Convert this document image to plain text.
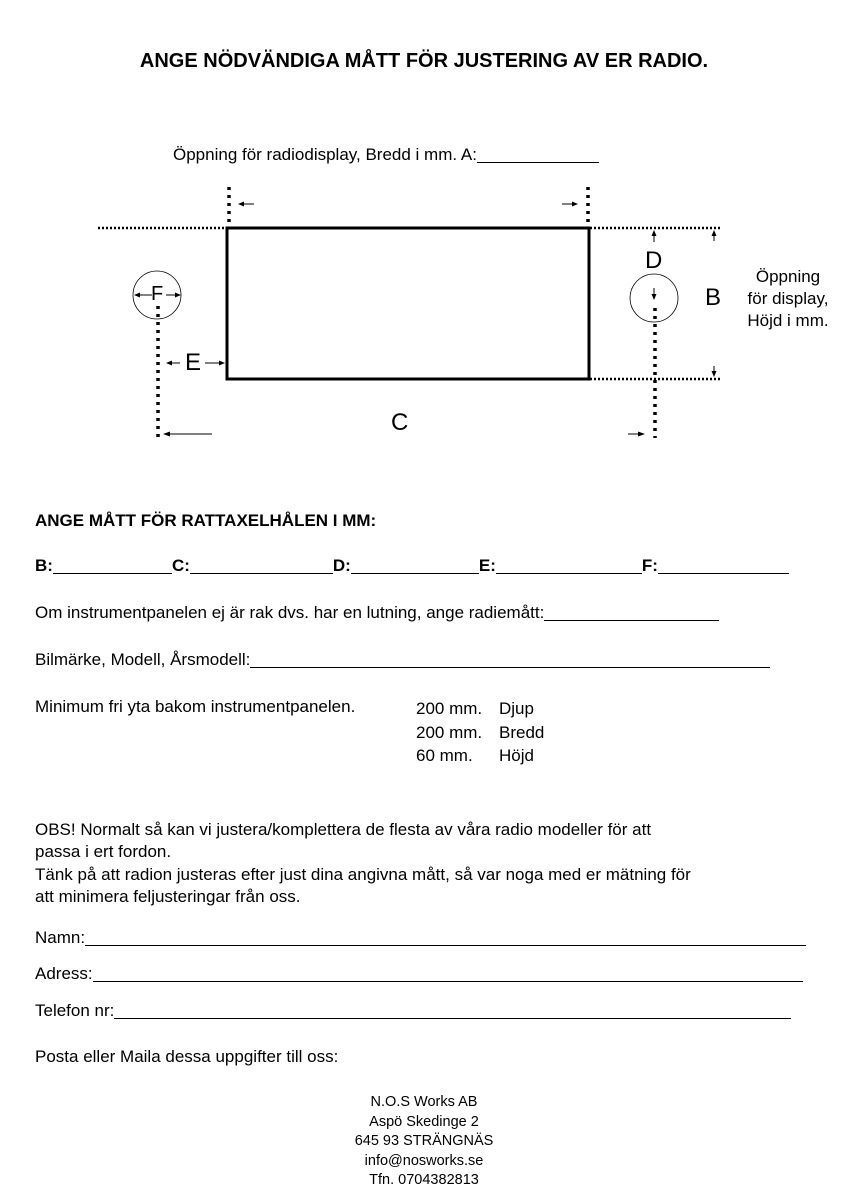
ANGE NÖDVÄNDIGA MÅTT FÖR JUSTERING AV ER RADIO.
Öppning för radiodisplay, Bredd i mm. A:
F
E
C
D
B
Öppning
för display,
Höjd i mm.
ANGE MÅTT FÖR RATTAXELHÅLEN I MM:
B:	C:	D:	E:	F:
Om instrumentpanelen ej är rak dvs. har en lutning, ange radiemått:
Bilmärke, Modell, Årsmodell:
Minimum fri yta bakom instrumentpanelen.	200 mm. Djup
200 mm. Bredd
60 mm. Höjd
OBS! Normalt så kan vi justera/komplettera de flesta av våra radio modeller för att
passa i ert fordon.
Tänk på att radion justeras efter just dina angivna mått, så var noga med er mätning för
att minimera feljusteringar från oss.
Namn:
Adress:
Telefon nr:
Posta eller Maila dessa uppgifter till oss:
N.O.S Works AB
Aspö Skedinge 2
645 93 STRÄNGNÄS
info@nosworks.se
Tfn. 0704382813
